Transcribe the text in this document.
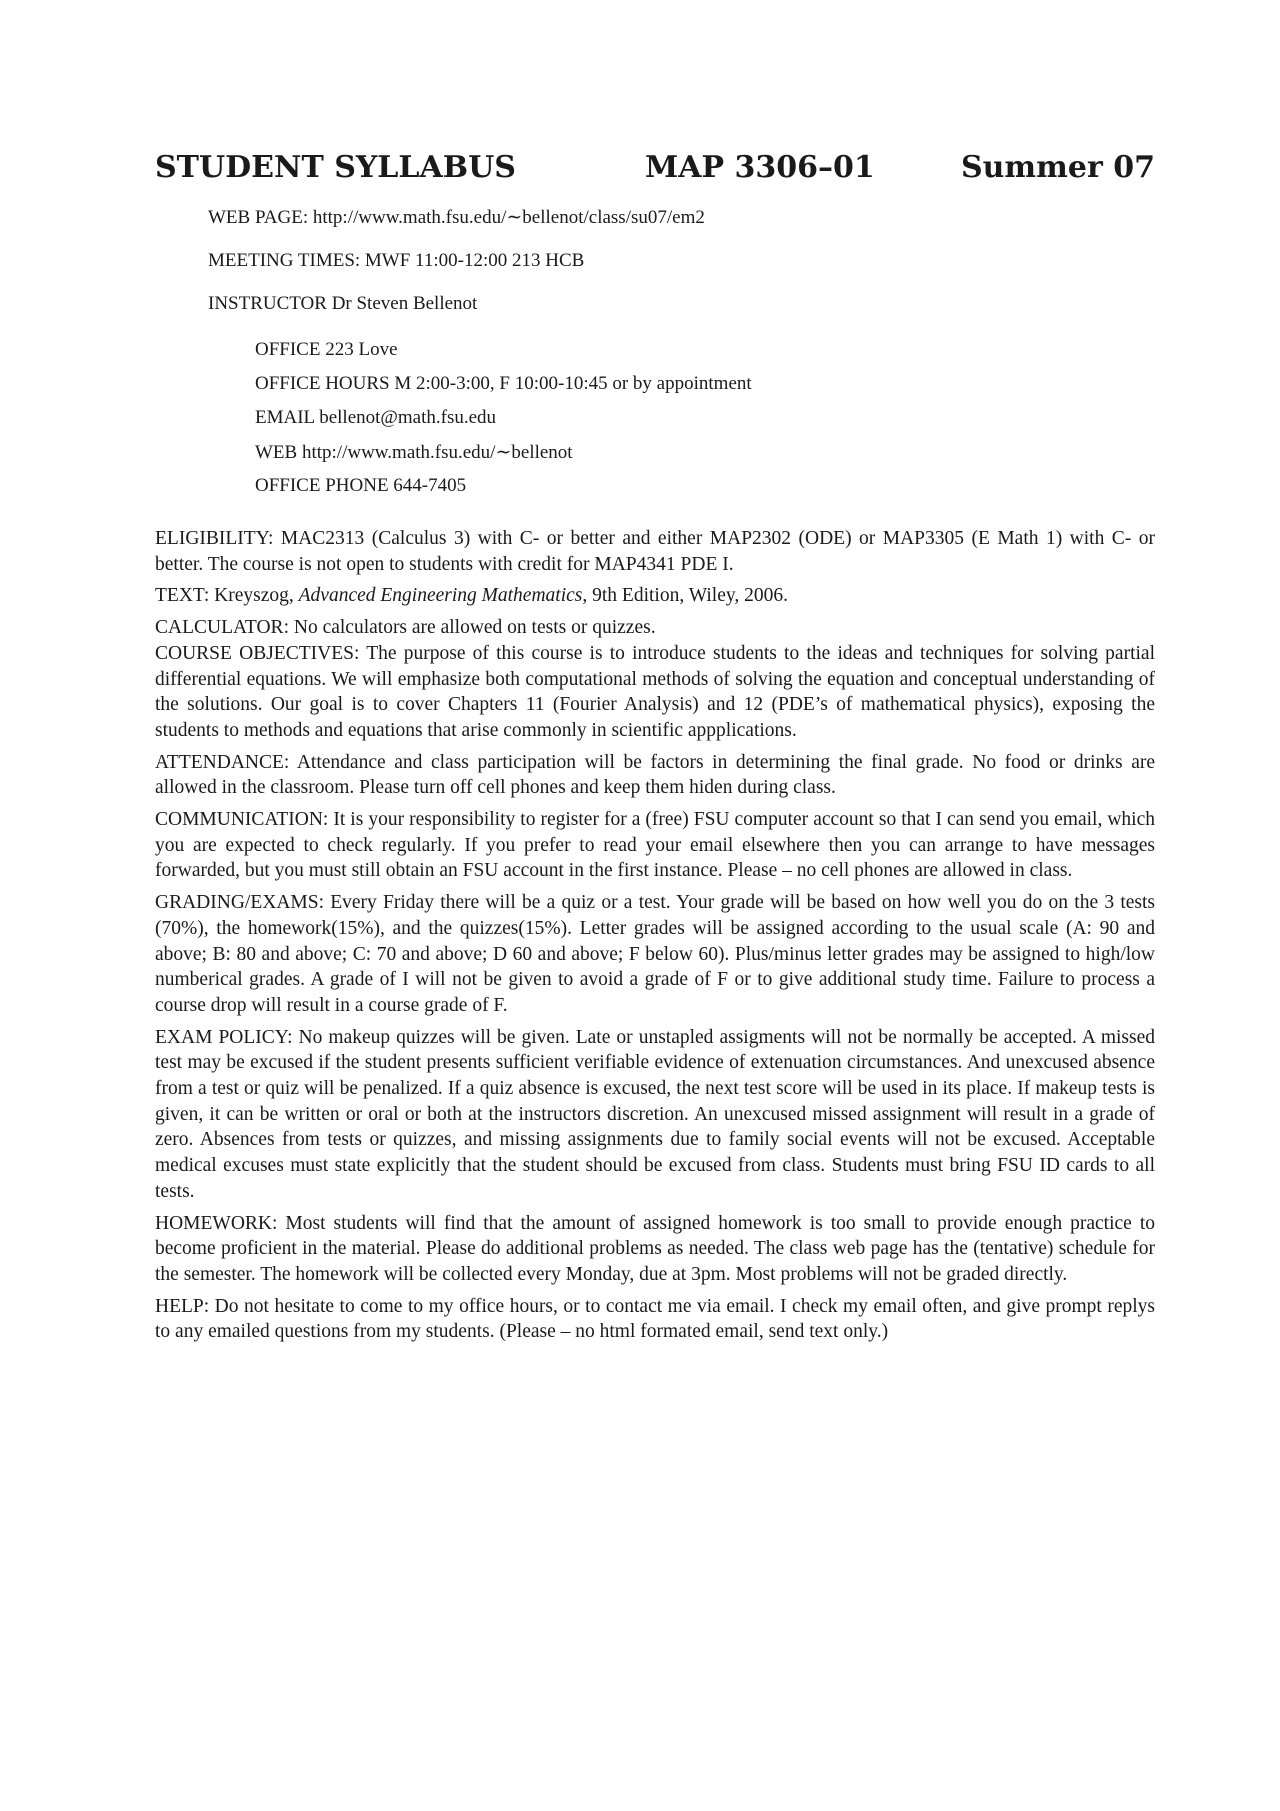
STUDENT SYLLABUS	MAP 3306–01	Summer 07
WEB PAGE: http://www.math.fsu.edu/∼bellenot/class/su07/em2
MEETING TIMES: MWF 11:00-12:00 213 HCB
INSTRUCTOR Dr Steven Bellenot
OFFICE 223 Love
OFFICE HOURS M 2:00-3:00, F 10:00-10:45 or by appointment
EMAIL bellenot@math.fsu.edu
WEB http://www.math.fsu.edu/∼bellenot
OFFICE PHONE 644-7405

ELIGIBILITY: MAC2313 (Calculus 3) with C- or better and either MAP2302 (ODE) or MAP3305 (E Math 1) with C- or better. The course is not open to students with credit for MAP4341 PDE I.

TEXT: Kreyszog, Advanced Engineering Mathematics, 9th Edition, Wiley, 2006.

CALCULATOR: No calculators are allowed on tests or quizzes.

COURSE OBJECTIVES: The purpose of this course is to introduce students to the ideas and techniques for solving partial differential equations. We will emphasize both computational methods of solving the equation and conceptual understanding of the solutions. Our goal is to cover Chapters 11 (Fourier Analysis) and 12 (PDE’s of mathematical physics), exposing the students to methods and equations that arise commonly in scientific appplications.

ATTENDANCE: Attendance and class participation will be factors in determining the final grade. No food or drinks are allowed in the classroom. Please turn off cell phones and keep them hiden during class.

COMMUNICATION: It is your responsibility to register for a (free) FSU computer account so that I can send you email, which you are expected to check regularly. If you prefer to read your email elsewhere then you can arrange to have messages forwarded, but you must still obtain an FSU account in the first instance. Please – no cell phones are allowed in class.

GRADING/EXAMS: Every Friday there will be a quiz or a test. Your grade will be based on how well you do on the 3 tests (70%), the homework(15%), and the quizzes(15%). Letter grades will be assigned according to the usual scale (A: 90 and above; B: 80 and above; C: 70 and above; D 60 and above; F below 60). Plus/minus letter grades may be assigned to high/low numberical grades. A grade of I will not be given to avoid a grade of F or to give additional study time. Failure to process a course drop will result in a course grade of F.

EXAM POLICY: No makeup quizzes will be given. Late or unstapled assigments will not be normally be accepted. A missed test may be excused if the student presents sufficient verifiable evidence of extenuation circumstances. And unexcused absence from a test or quiz will be penalized. If a quiz absence is excused, the next test score will be used in its place. If makeup tests is given, it can be written or oral or both at the instructors discretion. An unexcused missed assignment will result in a grade of zero. Absences from tests or quizzes, and missing assignments due to family social events will not be excused. Acceptable medical excuses must state explicitly that the student should be excused from class. Students must bring FSU ID cards to all tests.

HOMEWORK: Most students will find that the amount of assigned homework is too small to provide enough practice to become proficient in the material. Please do additional problems as needed. The class web page has the (tentative) schedule for the semester. The homework will be collected every Monday, due at 3pm. Most problems will not be graded directly.

HELP: Do not hesitate to come to my office hours, or to contact me via email. I check my email often, and give prompt replys to any emailed questions from my students. (Please – no html formated email, send text only.)
